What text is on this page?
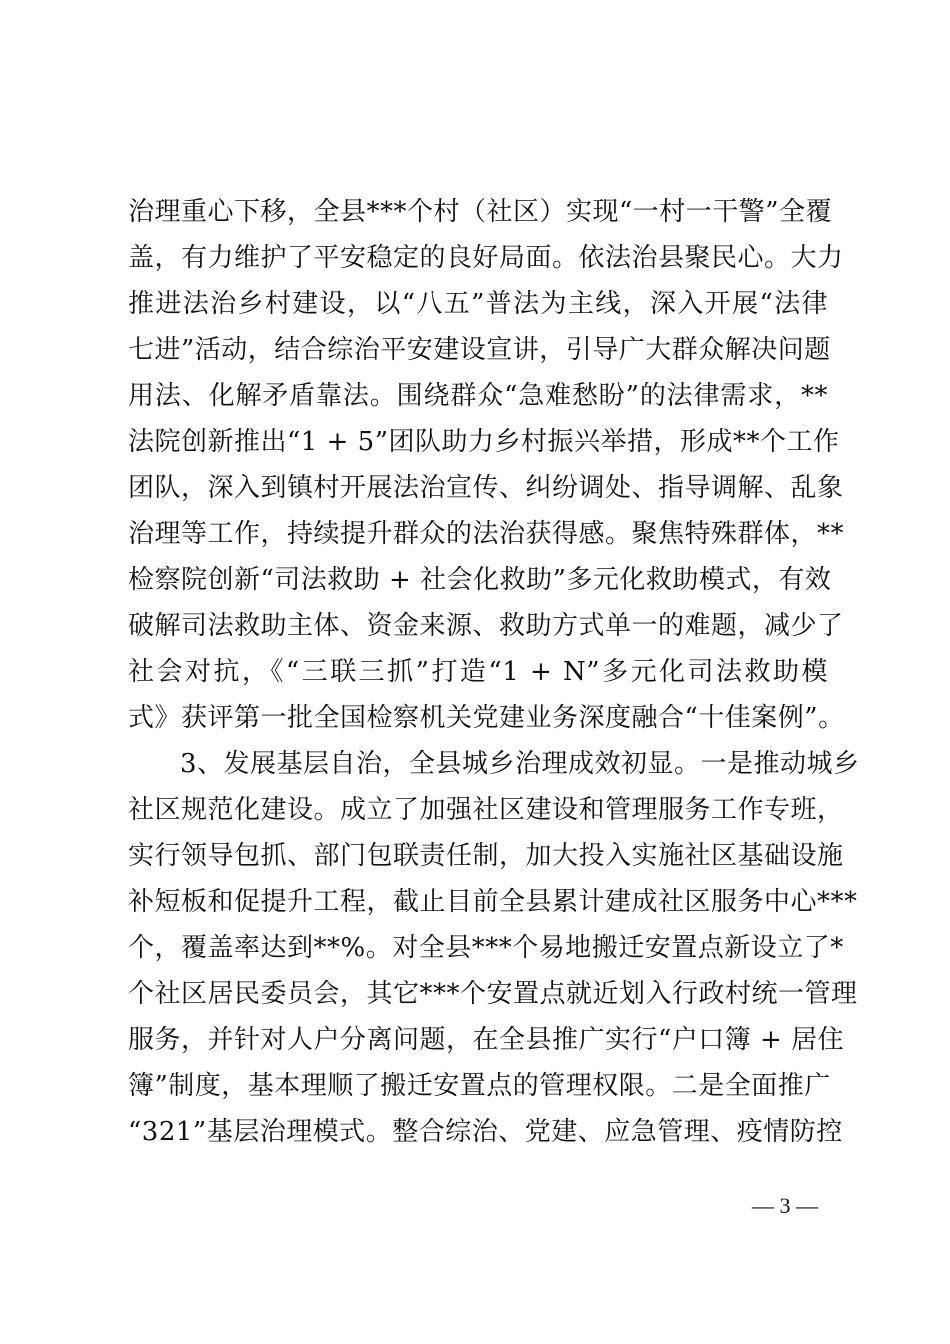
治理重心下移，全县***个村（社区）实现“一村一干警”全覆
盖，有力维护了平安稳定的良好局面。依法治县聚民心。大力
推进法治乡村建设，以“八五”普法为主线，深入开展“法律
七进”活动，结合综治平安建设宣讲，引导广大群众解决问题
用法、化解矛盾靠法。围绕群众“急难愁盼”的法律需求，**
法院创新推出“1 + 5”团队助力乡村振兴举措，形成**个工作
团队，深入到镇村开展法治宣传、纠纷调处、指导调解、乱象
治理等工作，持续提升群众的法治获得感。聚焦特殊群体，**
检察院创新“司法救助 + 社会化救助”多元化救助模式，有效
破解司法救助主体、资金来源、救助方式单一的难题，减少了
社会对抗，《“三联三抓”打造“1 + N”多元化司法救助模
式》获评第一批全国检察机关党建业务深度融合“十佳案例”。
3、发展基层自治，全县城乡治理成效初显。一是推动城乡
社区规范化建设。成立了加强社区建设和管理服务工作专班，
实行领导包抓、部门包联责任制，加大投入实施社区基础设施
补短板和促提升工程，截止目前全县累计建成社区服务中心***
个，覆盖率达到**%。对全县***个易地搬迁安置点新设立了*
个社区居民委员会，其它***个安置点就近划入行政村统一管理
服务，并针对人户分离问题，在全县推广实行“户口簿 + 居住
簿”制度，基本理顺了搬迁安置点的管理权限。二是全面推广
“321”基层治理模式。整合综治、党建、应急管理、疫情防控
— 3 —
